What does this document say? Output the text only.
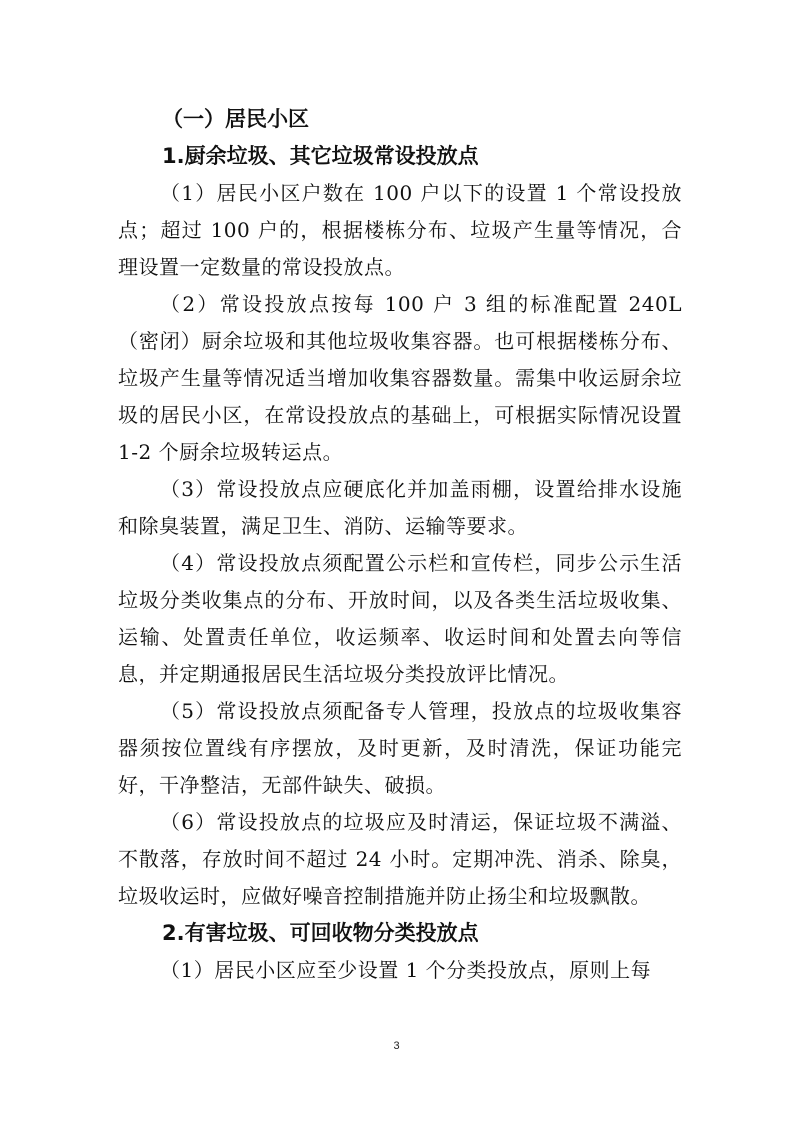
（一）居民小区

1.厨余垃圾、其它垃圾常设投放点

（1）居民小区户数在 100 户以下的设置 1 个常设投放点；超过 100 户的，根据楼栋分布、垃圾产生量等情况，合理设置一定数量的常设投放点。

（2）常设投放点按每 100 户 3 组的标准配置 240L（密闭）厨余垃圾和其他垃圾收集容器。也可根据楼栋分布、垃圾产生量等情况适当增加收集容器数量。需集中收运厨余垃圾的居民小区，在常设投放点的基础上，可根据实际情况设置 1-2 个厨余垃圾转运点。

（3）常设投放点应硬底化并加盖雨棚，设置给排水设施和除臭装置，满足卫生、消防、运输等要求。

（4）常设投放点须配置公示栏和宣传栏，同步公示生活垃圾分类收集点的分布、开放时间，以及各类生活垃圾收集、运输、处置责任单位，收运频率、收运时间和处置去向等信息，并定期通报居民生活垃圾分类投放评比情况。

（5）常设投放点须配备专人管理，投放点的垃圾收集容器须按位置线有序摆放，及时更新，及时清洗，保证功能完好，干净整洁，无部件缺失、破损。

（6）常设投放点的垃圾应及时清运，保证垃圾不满溢、不散落，存放时间不超过 24 小时。定期冲洗、消杀、除臭，垃圾收运时，应做好噪音控制措施并防止扬尘和垃圾飘散。

2.有害垃圾、可回收物分类投放点

（1）居民小区应至少设置 1 个分类投放点，原则上每

3
